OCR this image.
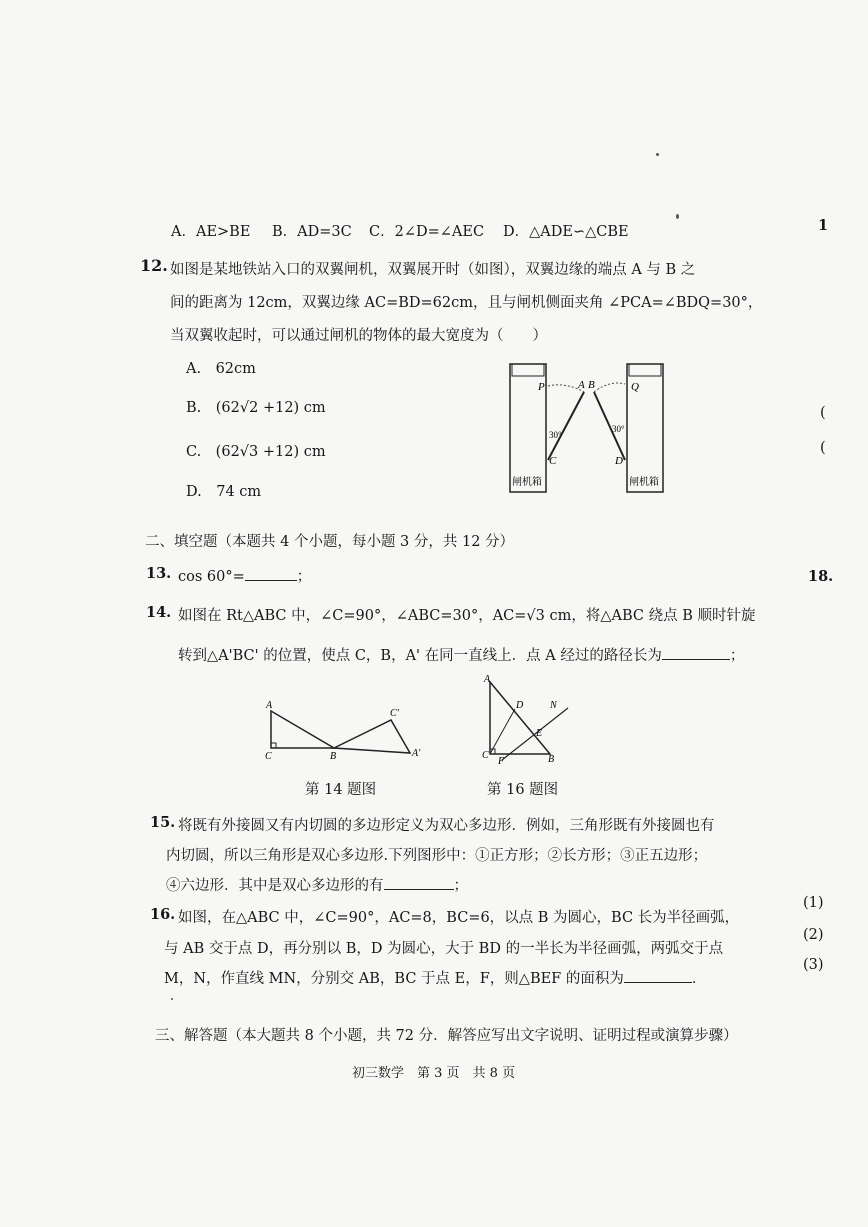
A．AE>BE B．AD=3C C．2∠D=∠AEC D．△ADE∽△CBE
12. 如图是某地铁站入口的双翼闸机，双翼展开时（如图），双翼边缘的端点 A 与 B 之
间的距离为 12cm，双翼边缘 AC=BD=62cm，且与闸机侧面夹角 ∠PCA=∠BDQ=30°，
当双翼收起时，可以通过闸机的物体的最大宽度为（　　）
A.　62cm
B.　(62√2 +12) cm
C.　(62√3 +12) cm
D.　74 cm
P	A B	Q
C	D
30°
30°
闸机箱	闸机箱
二、填空题（本题共 4 个小题，每小题 3 分，共 12 分）
13. cos 60°=	；
14. 如图在 Rt△ABC 中，∠C=90°，∠ABC=30°，AC=√3 cm，将△ABC 绕点 B 顺时针旋
转到△A'BC' 的位置，使点 C，B，A' 在同一直线上．点 A 经过的路径长为	；
A
C	B
C'
A'
第 14 题图
A
D	N
E
C
F	B
第 16 题图
15. 将既有外接圆又有内切圆的多边形定义为双心多边形．例如，三角形既有外接圆也有
内切圆，所以三角形是双心多边形.下列图形中：①正方形；②长方形；③正五边形；
④六边形．其中是双心多边形的有	；
16. 如图，在△ABC 中，∠C=90°，AC=8，BC=6，以点 B 为圆心，BC 长为半径画弧，
与 AB 交于点 D，再分别以 B，D 为圆心，大于 BD 的一半长为半径画弧，两弧交于点
M，N，作直线 MN，分别交 AB，BC 于点 E，F，则△BEF 的面积为	．
三、解答题（本大题共 8 个小题，共 72 分．解答应写出文字说明、证明过程或演算步骤）
初三数学　第 3 页　共 8 页
1
(
(
18.
(1)
(2)
(3)
